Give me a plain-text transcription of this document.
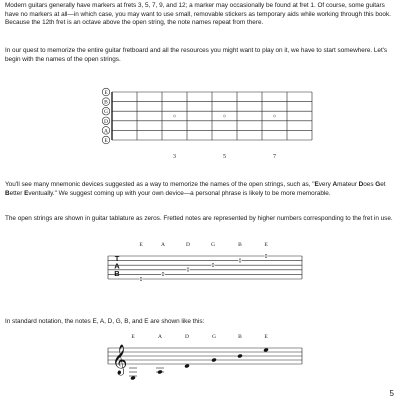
Modern guitars generally have markers at frets 3, 5, 7, 9, and 12; a marker may occasionally be found at fret 1. Of course, some guitars have no markers at all—in which case, you may want to use small, removable stickers as temporary aids while working through this book. Because the 12th fret is an octave above the open string, the note names repeat from there.

In our quest to memorize the entire guitar fretboard and all the resources you might want to play on it, we have to start somewhere. Let's begin with the names of the open strings.

E
B
G
D
A
E
3	5	7

You'll see many mnemonic devices suggested as a way to memorize the names of the open strings, such as, "Every Amateur Does Get Better Eventually." We suggest coming up with your own device—a personal phrase is likely to be more memorable.

The open strings are shown in guitar tablature as zeros. Fretted notes are represented by higher numbers corresponding to the fret in use.

T
A
B
E	A	D	G	B	E
0
0
0
0
0
0

In standard notation, the notes E, A, D, G, B, and E are shown like this:

𝄞
E	A	D	G	B	E
5
